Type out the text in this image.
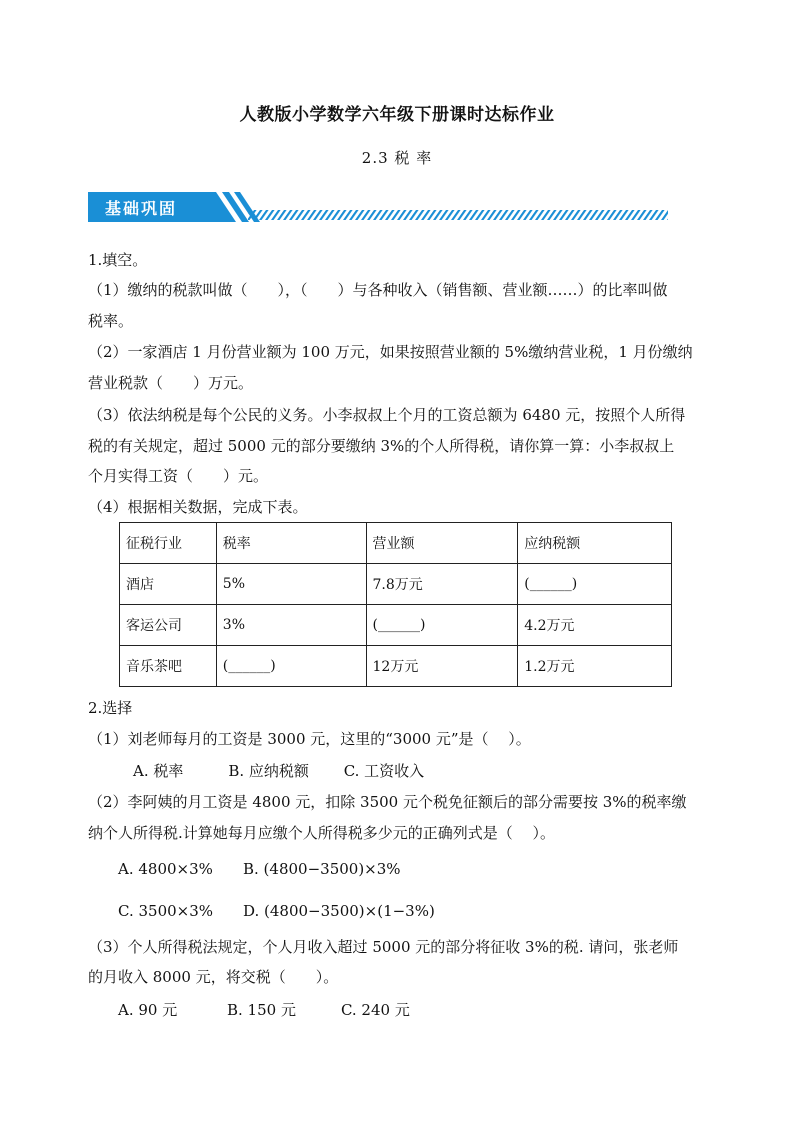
人教版小学数学六年级下册课时达标作业
2.3 税 率
基础巩固
1.填空。
（1）缴纳的税款叫做（　　），（　　）与各种收入（销售额、营业额……）的比率叫做
税率。
（2）一家酒店 1 月份营业额为 100 万元，如果按照营业额的 5%缴纳营业税，1 月份缴纳
营业税款（　　）万元。
（3）依法纳税是每个公民的义务。小李叔叔上个月的工资总额为 6480 元，按照个人所得
税的有关规定，超过 5000 元的部分要缴纳 3%的个人所得税，请你算一算：小李叔叔上
个月实得工资（　　）元。
（4）根据相关数据，完成下表。
征税行业	税率	营业额	应纳税额
酒店	5%	7.8万元	(______)
客运公司	3%	(______)	4.2万元
音乐茶吧	(______)	12万元	1.2万元
2.选择
（1）刘老师每月的工资是 3000 元，这里的“3000 元”是（　 ）。
A. 税率　　　B. 应纳税额　　 C. 工资收入
（2）李阿姨的月工资是 4800 元，扣除 3500 元个税免征额后的部分需要按 3%的税率缴
纳个人所得税.计算她每月应缴个人所得税多少元的正确列式是（　 ）。
A. 4800×3% B. (4800−3500)×3%
C. 3500×3% D. (4800−3500)×(1−3%)
（3）个人所得税法规定，个人月收入超过 5000 元的部分将征收 3%的税. 请问，张老师
的月收入 8000 元，将交税（　　）。
A. 90 元　　　 B. 150 元　　　C. 240 元
